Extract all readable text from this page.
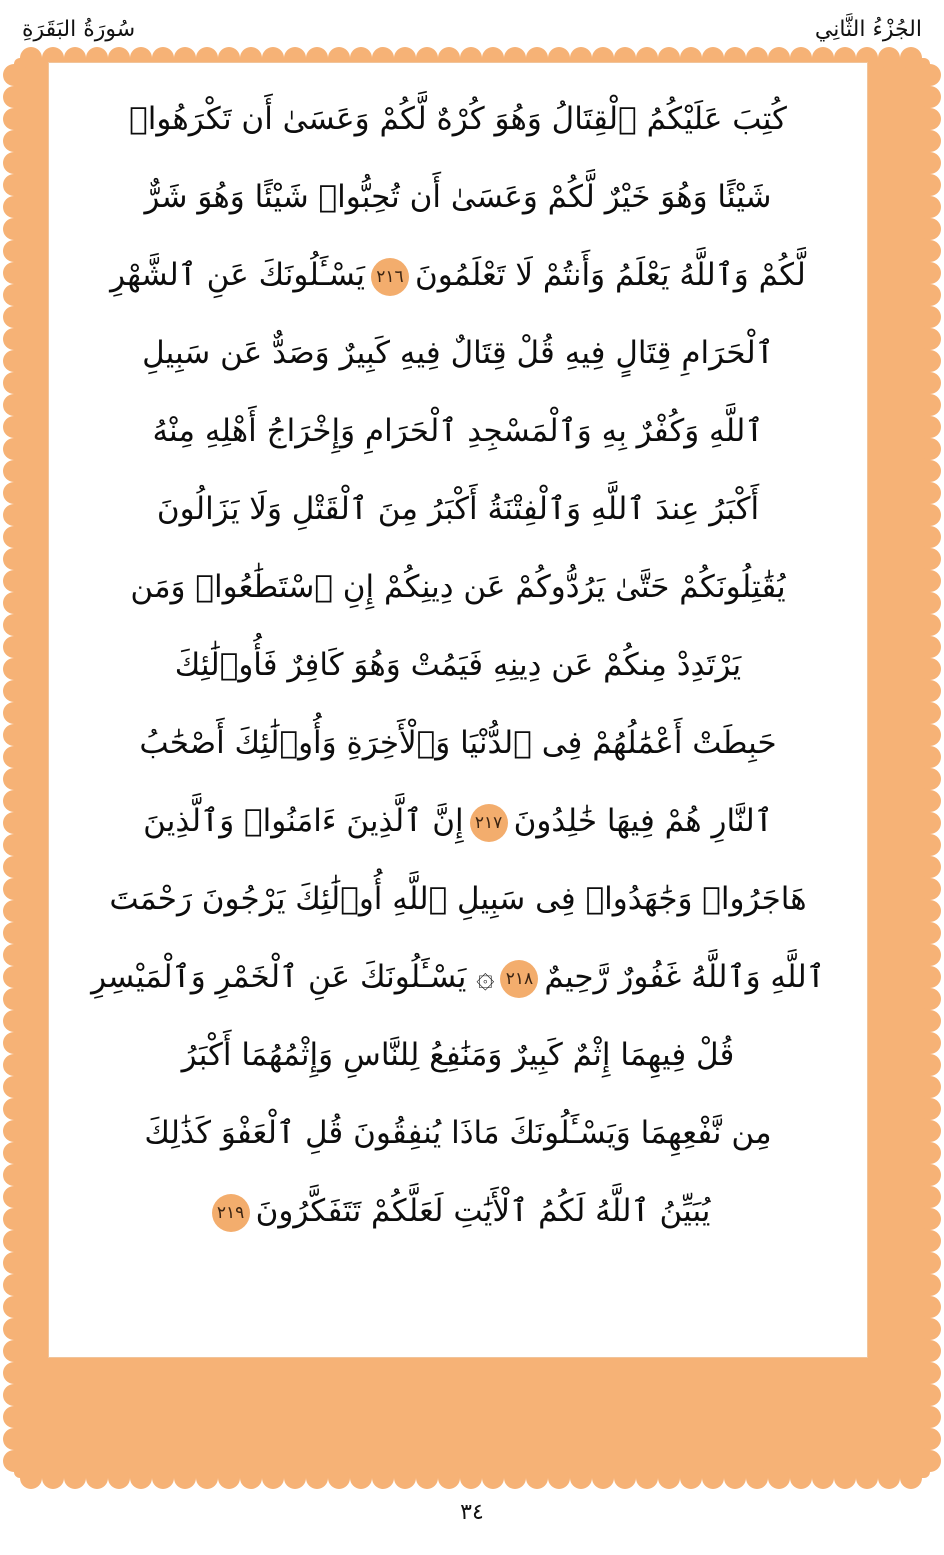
سُورَةُ البَقَرَةِ	الجُزْءُ الثَّانِي
كُتِبَ عَلَيْكُمُ ٱلْقِتَالُ وَهُوَ كُرْهٌ لَّكُمْ وَعَسَىٰ أَن تَكْرَهُوا۟
شَيْئًا وَهُوَ خَيْرٌ لَّكُمْ وَعَسَىٰ أَن تُحِبُّوا۟ شَيْئًا وَهُوَ شَرٌّ
لَّكُمْ وَٱللَّهُ يَعْلَمُ وَأَنتُمْ لَا تَعْلَمُونَ٢١٦يَسْـَٔلُونَكَ عَنِ ٱلشَّهْرِ
ٱلْحَرَامِ قِتَالٍ فِيهِ قُلْ قِتَالٌ فِيهِ كَبِيرٌ وَصَدٌّ عَن سَبِيلِ
ٱللَّهِ وَكُفْرٌ بِهِ وَٱلْمَسْجِدِ ٱلْحَرَامِ وَإِخْرَاجُ أَهْلِهِ مِنْهُ
أَكْبَرُ عِندَ ٱللَّهِ وَٱلْفِتْنَةُ أَكْبَرُ مِنَ ٱلْقَتْلِ وَلَا يَزَالُونَ
يُقَٰتِلُونَكُمْ حَتَّىٰ يَرُدُّوكُمْ عَن دِينِكُمْ إِنِ ٱسْتَطَٰعُوا۟ وَمَن
يَرْتَدِدْ مِنكُمْ عَن دِينِهِ فَيَمُتْ وَهُوَ كَافِرٌ فَأُو۟لَٰئِكَ
حَبِطَتْ أَعْمَٰلُهُمْ فِى ٱلدُّنْيَا وَٱلْأَخِرَةِ وَأُو۟لَٰئِكَ أَصْحَٰبُ
ٱلنَّارِ هُمْ فِيهَا خَٰلِدُونَ٢١٧إِنَّ ٱلَّذِينَ ءَامَنُوا۟ وَٱلَّذِينَ
هَاجَرُوا۟ وَجَٰهَدُوا۟ فِى سَبِيلِ ٱللَّهِ أُو۟لَٰئِكَ يَرْجُونَ رَحْمَتَ
ٱللَّهِ وَٱللَّهُ غَفُورٌ رَّحِيمٌ٢١٨۞ يَسْـَٔلُونَكَ عَنِ ٱلْخَمْرِ وَٱلْمَيْسِرِ
قُلْ فِيهِمَا إِثْمٌ كَبِيرٌ وَمَنَٰفِعُ لِلنَّاسِ وَإِثْمُهُمَا أَكْبَرُ
مِن نَّفْعِهِمَا وَيَسْـَٔلُونَكَ مَاذَا يُنفِقُونَ قُلِ ٱلْعَفْوَ كَذَٰلِكَ
يُبَيِّنُ ٱللَّهُ لَكُمُ ٱلْأَيَٰتِ لَعَلَّكُمْ تَتَفَكَّرُونَ٢١٩
٣٤
